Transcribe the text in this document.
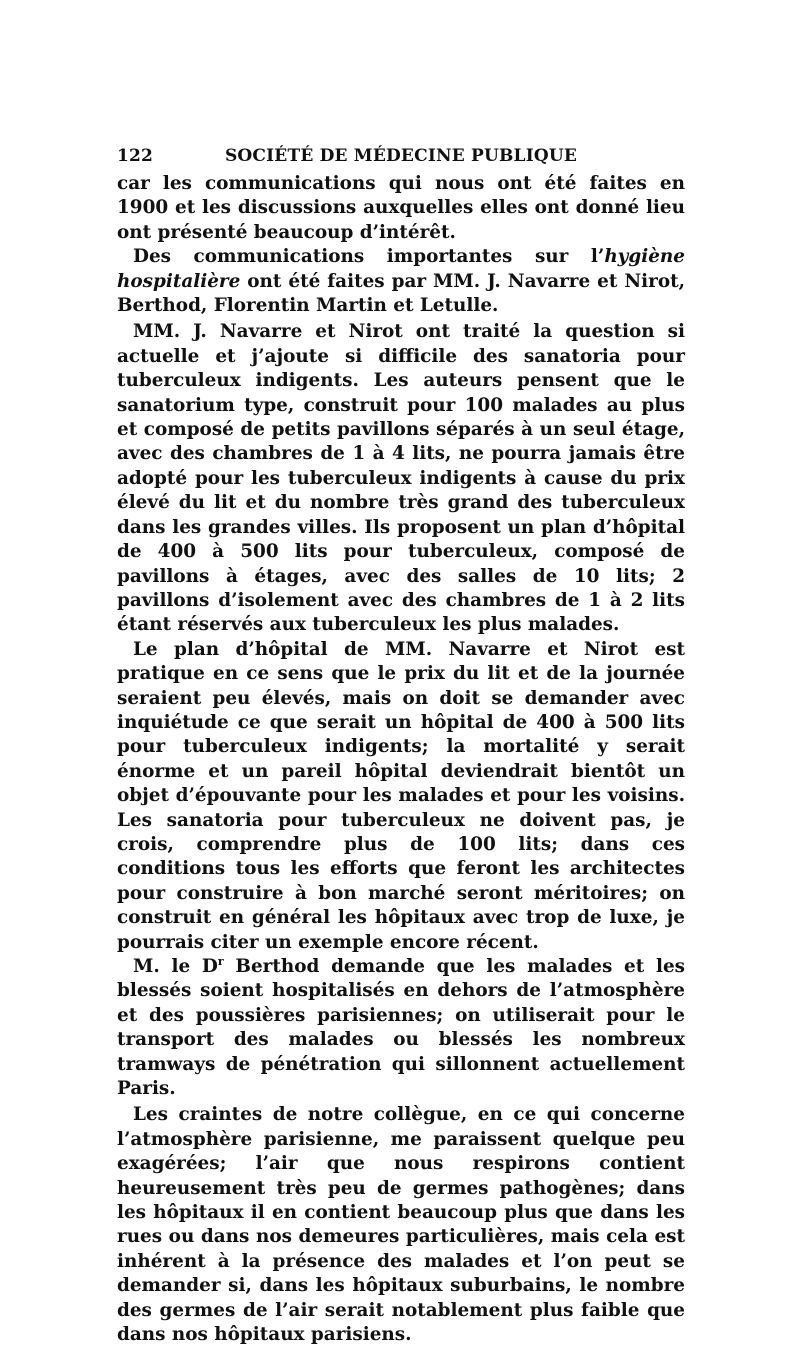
122	SOCIÉTÉ DE MÉDECINE PUBLIQUE

car les communications qui nous ont été faites en 1900 et les discussions auxquelles elles ont donné lieu ont présenté beaucoup d’intérêt.

Des communications importantes sur l’hygiène hospitalière ont été faites par MM. J. Navarre et Nirot, Berthod, Florentin Martin et Letulle.

MM. J. Navarre et Nirot ont traité la question si actuelle et j’ajoute si difficile des sanatoria pour tuberculeux indigents. Les auteurs pensent que le sanatorium type, construit pour 100 malades au plus et composé de petits pavillons séparés à un seul étage, avec des chambres de 1 à 4 lits, ne pourra jamais être adopté pour les tuberculeux indigents à cause du prix élevé du lit et du nombre très grand des tuberculeux dans les grandes villes. Ils proposent un plan d’hôpital de 400 à 500 lits pour tuberculeux, composé de pavillons à étages, avec des salles de 10 lits; 2 pavillons d’isolement avec des chambres de 1 à 2 lits étant réservés aux tuberculeux les plus malades.

Le plan d’hôpital de MM. Navarre et Nirot est pratique en ce sens que le prix du lit et de la journée seraient peu élevés, mais on doit se demander avec inquiétude ce que serait un hôpital de 400 à 500 lits pour tuberculeux indigents; la mortalité y serait énorme et un pareil hôpital deviendrait bientôt un objet d’épouvante pour les malades et pour les voisins. Les sanatoria pour tuberculeux ne doivent pas, je crois, comprendre plus de 100 lits; dans ces conditions tous les efforts que feront les architectes pour construire à bon marché seront méritoires; on construit en général les hôpitaux avec trop de luxe, je pourrais citer un exemple encore récent.

M. le $D^r$ Berthod demande que les malades et les blessés soient hospitalisés en dehors de l’atmosphère et des poussières parisiennes; on utiliserait pour le transport des malades ou blessés les nombreux tramways de pénétration qui sillonnent actuellement Paris.

Les craintes de notre collègue, en ce qui concerne l’atmosphère parisienne, me paraissent quelque peu exagérées; l’air que nous respirons contient heureusement très peu de germes pathogènes; dans les hôpitaux il en contient beaucoup plus que dans les rues ou dans nos demeures particulières, mais cela est inhérent à la présence des malades et l’on peut se demander si, dans les hôpitaux suburbains, le nombre des germes de l’air serait notablement plus faible que dans nos hôpitaux parisiens.
